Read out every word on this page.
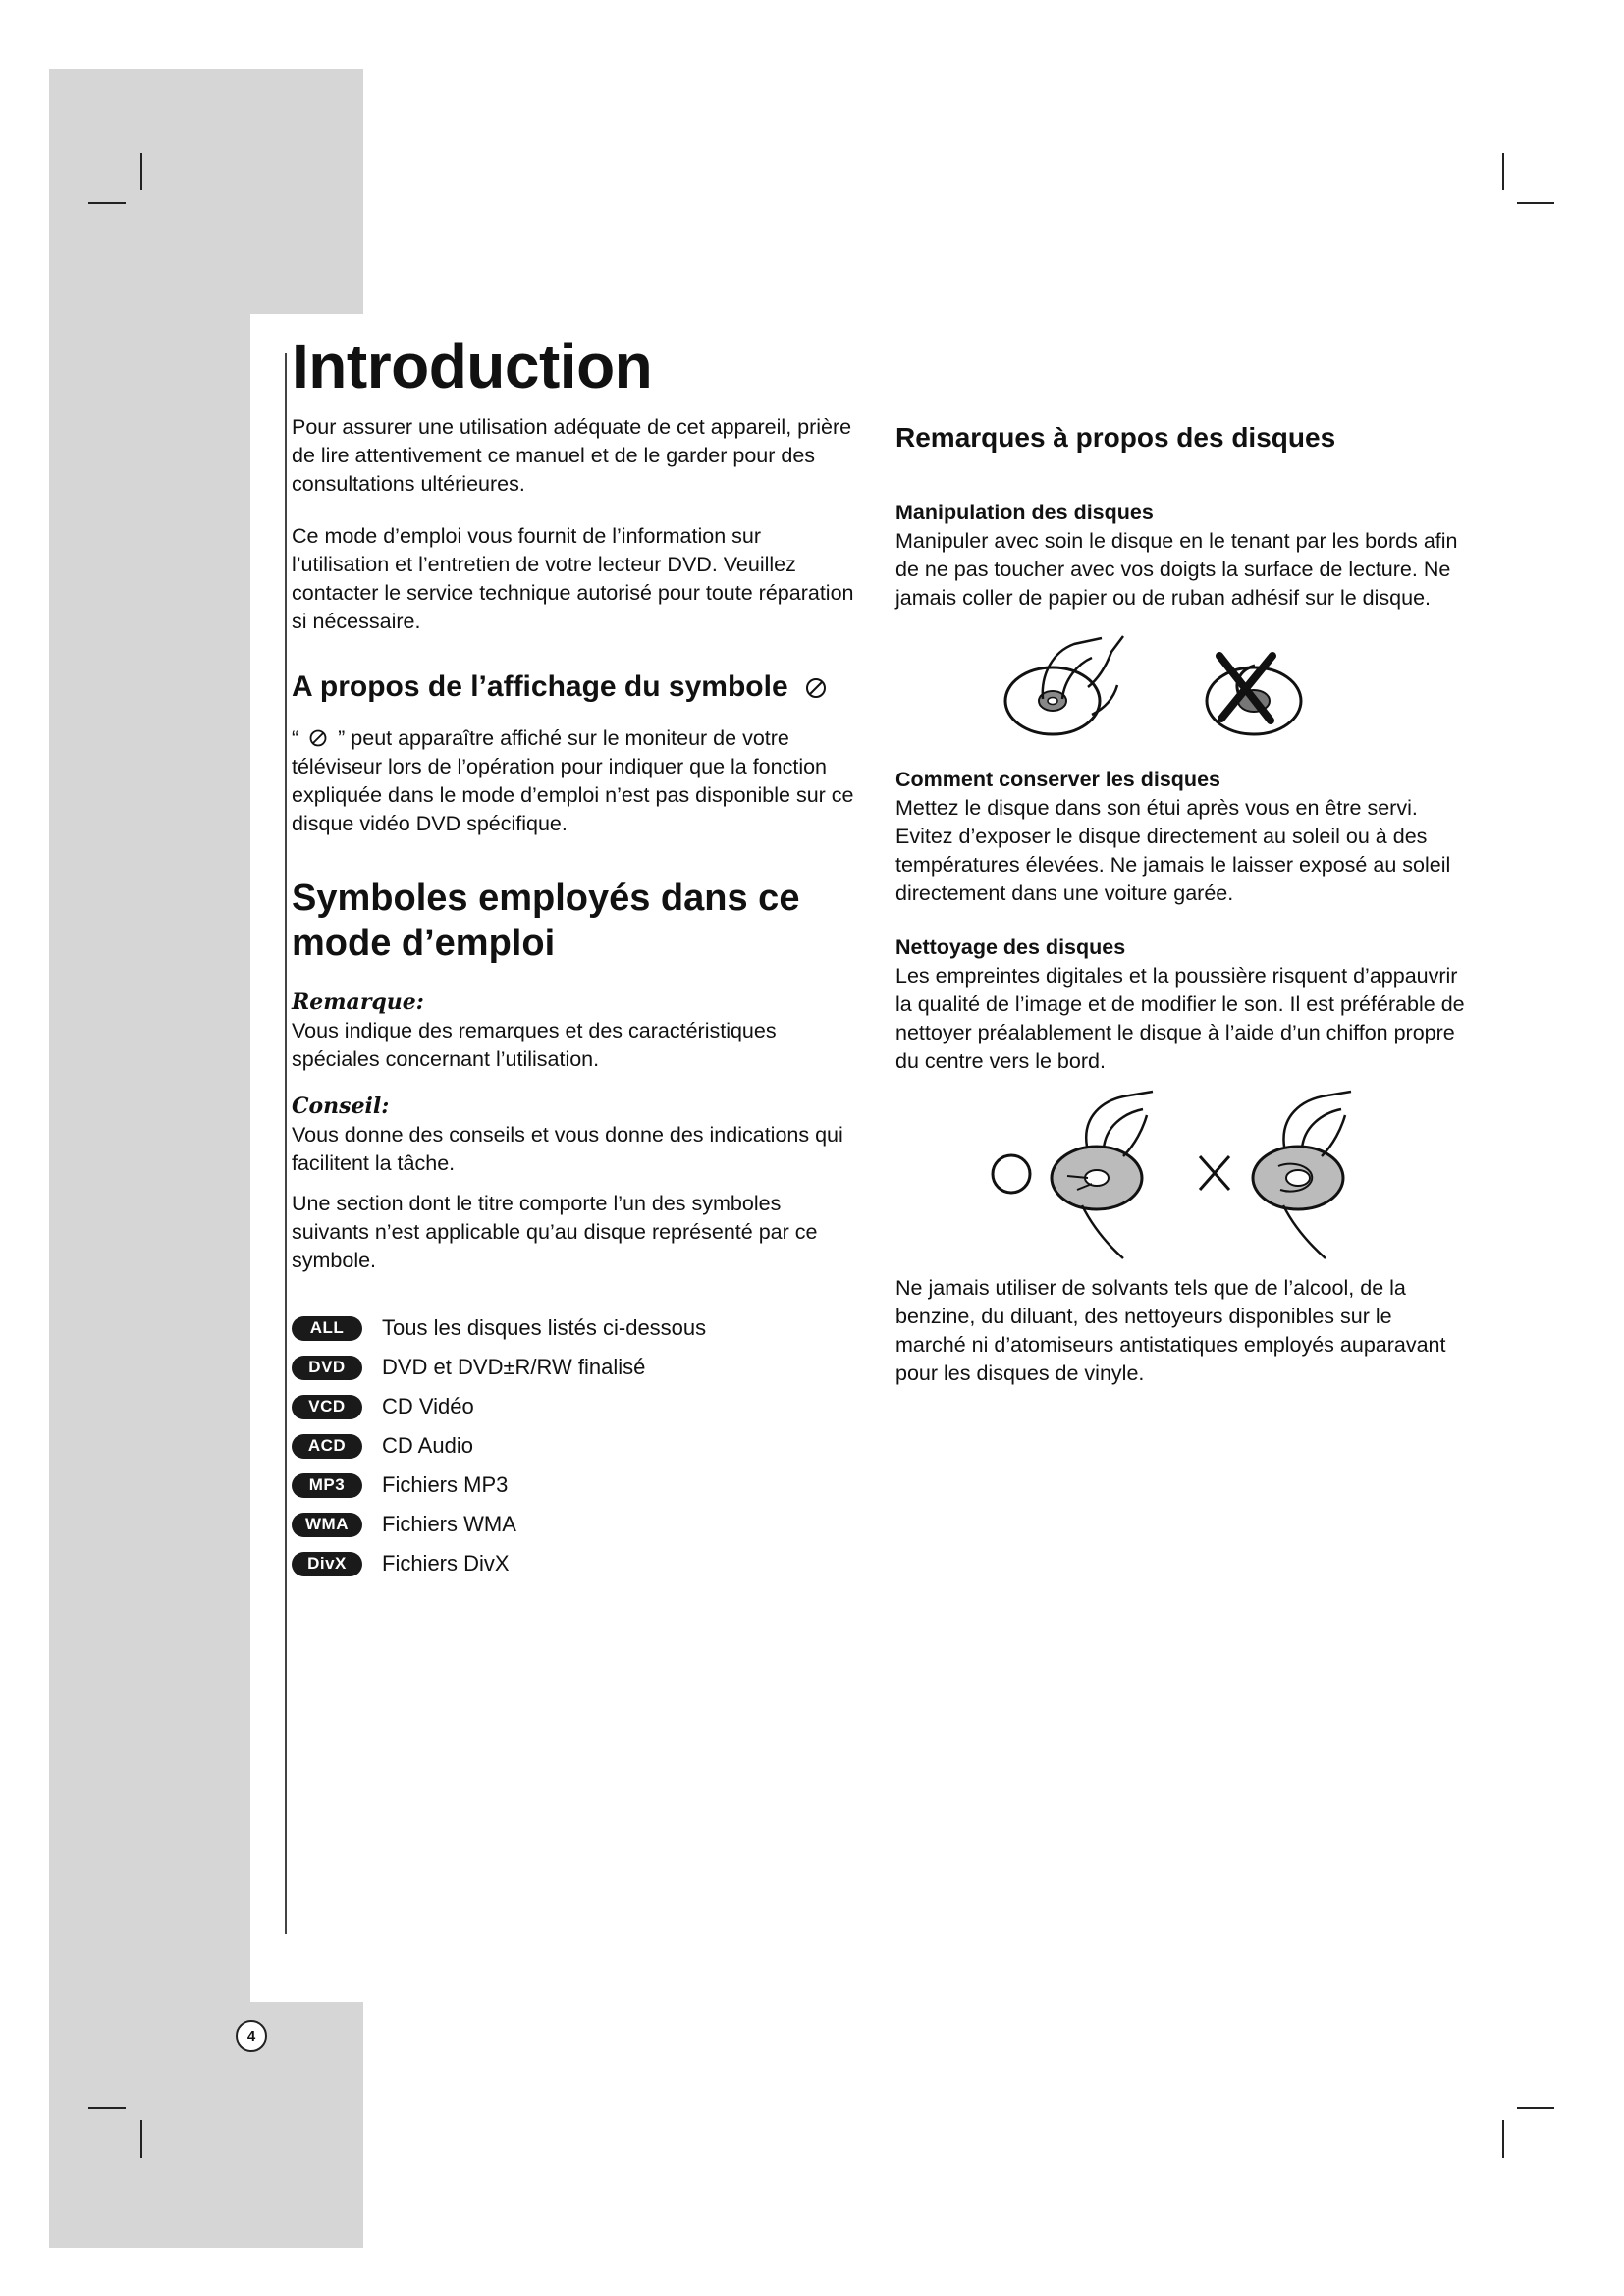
Introduction

Pour assurer une utilisation adéquate de cet appareil, prière de lire attentivement ce manuel et de le garder pour des consultations ultérieures.

Ce mode d’emploi vous fournit de l’information sur l’utilisation et l’entretien de votre lecteur DVD. Veuillez contacter le service technique autorisé pour toute réparation si nécessaire.

A propos de l’affichage du symbole

“ ” peut apparaître affiché sur le moniteur de votre téléviseur lors de l’opération pour indiquer que la fonction expliquée dans le mode d’emploi n’est pas disponible sur ce disque vidéo DVD spécifique.

Symboles employés dans ce mode d’emploi
Remarque:

Vous indique des remarques et des caractéristiques spéciales concernant l’utilisation.

Conseil:

Vous donne des conseils et vous donne des indications qui facilitent la tâche.

Une section dont le titre comporte l’un des symboles suivants n’est applicable qu’au disque représenté par ce symbole.

ALL	Tous les disques listés ci-dessous
DVD	DVD et DVD±R/RW finalisé
VCD	CD Vidéo
ACD	CD Audio
MP3	Fichiers MP3
WMA	Fichiers WMA
DivX	Fichiers DivX
Remarques à propos des disques
Manipulation des disques

Manipuler avec soin le disque en le tenant par les bords afin de ne pas toucher avec vos doigts la surface de lecture. Ne jamais coller de papier ou de ruban adhésif sur le disque.

Comment conserver les disques

Mettez le disque dans son étui après vous en être servi. Evitez d’exposer le disque directement au soleil ou à des températures élevées. Ne jamais le laisser exposé au soleil directement dans une voiture garée.

Nettoyage des disques

Les empreintes digitales et la poussière risquent d’appauvrir la qualité de l’image et de modifier le son. Il est préférable de nettoyer préalablement le disque à l’aide d’un chiffon propre du centre vers le bord.

Ne jamais utiliser de solvants tels que de l’alcool, de la benzine, du diluant, des nettoyeurs disponibles sur le marché ni d’atomiseurs antistatiques employés auparavant pour les disques de vinyle.

4
